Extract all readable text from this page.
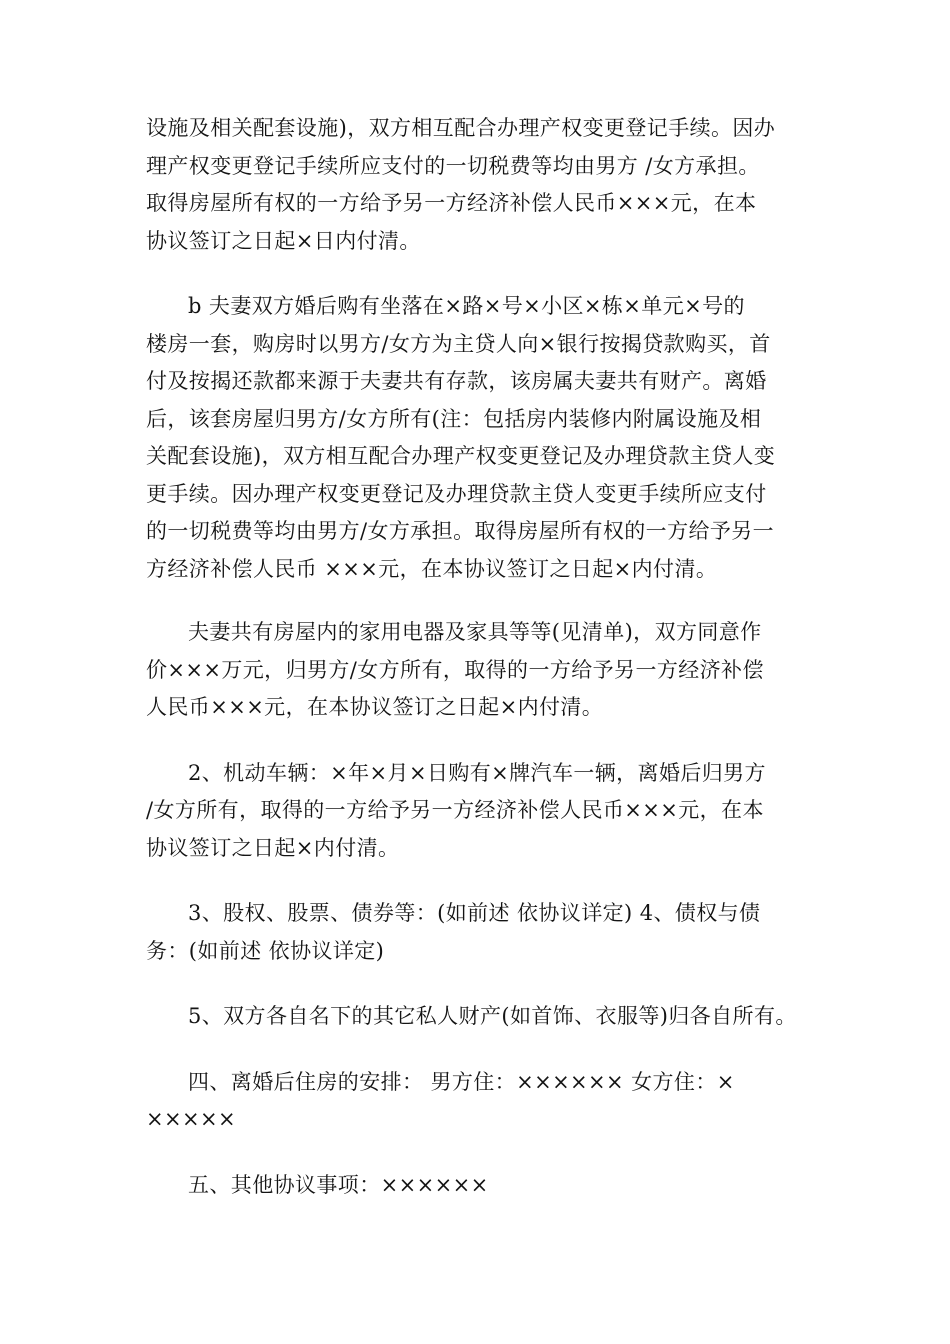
设施及相关配套设施)，双方相互配合办理产权变更登记手续。因办
理产权变更登记手续所应支付的一切税费等均由男方 /女方承担。
取得房屋所有权的一方给予另一方经济补偿人民币×××元，在本
协议签订之日起×日内付清。

b 夫妻双方婚后购有坐落在×路×号×小区×栋×单元×号的
楼房一套，购房时以男方/女方为主贷人向×银行按揭贷款购买，首
付及按揭还款都来源于夫妻共有存款，该房属夫妻共有财产。离婚
后，该套房屋归男方/女方所有(注：包括房内装修内附属设施及相
关配套设施)，双方相互配合办理产权变更登记及办理贷款主贷人变
更手续。因办理产权变更登记及办理贷款主贷人变更手续所应支付
的一切税费等均由男方/女方承担。取得房屋所有权的一方给予另一
方经济补偿人民币 ×××元，在本协议签订之日起×内付清。

夫妻共有房屋内的家用电器及家具等等(见清单)，双方同意作
价×××万元，归男方/女方所有，取得的一方给予另一方经济补偿
人民币×××元，在本协议签订之日起×内付清。

2、机动车辆：×年×月×日购有×牌汽车一辆，离婚后归男方
/女方所有，取得的一方给予另一方经济补偿人民币×××元，在本
协议签订之日起×内付清。

3、股权、股票、债券等：(如前述 依协议详定) 4、债权与债
务：(如前述 依协议详定)

5、双方各自名下的其它私人财产(如首饰、衣服等)归各自所有。

四、离婚后住房的安排： 男方住：×××××× 女方住：×
×××××

五、其他协议事项：××××××
